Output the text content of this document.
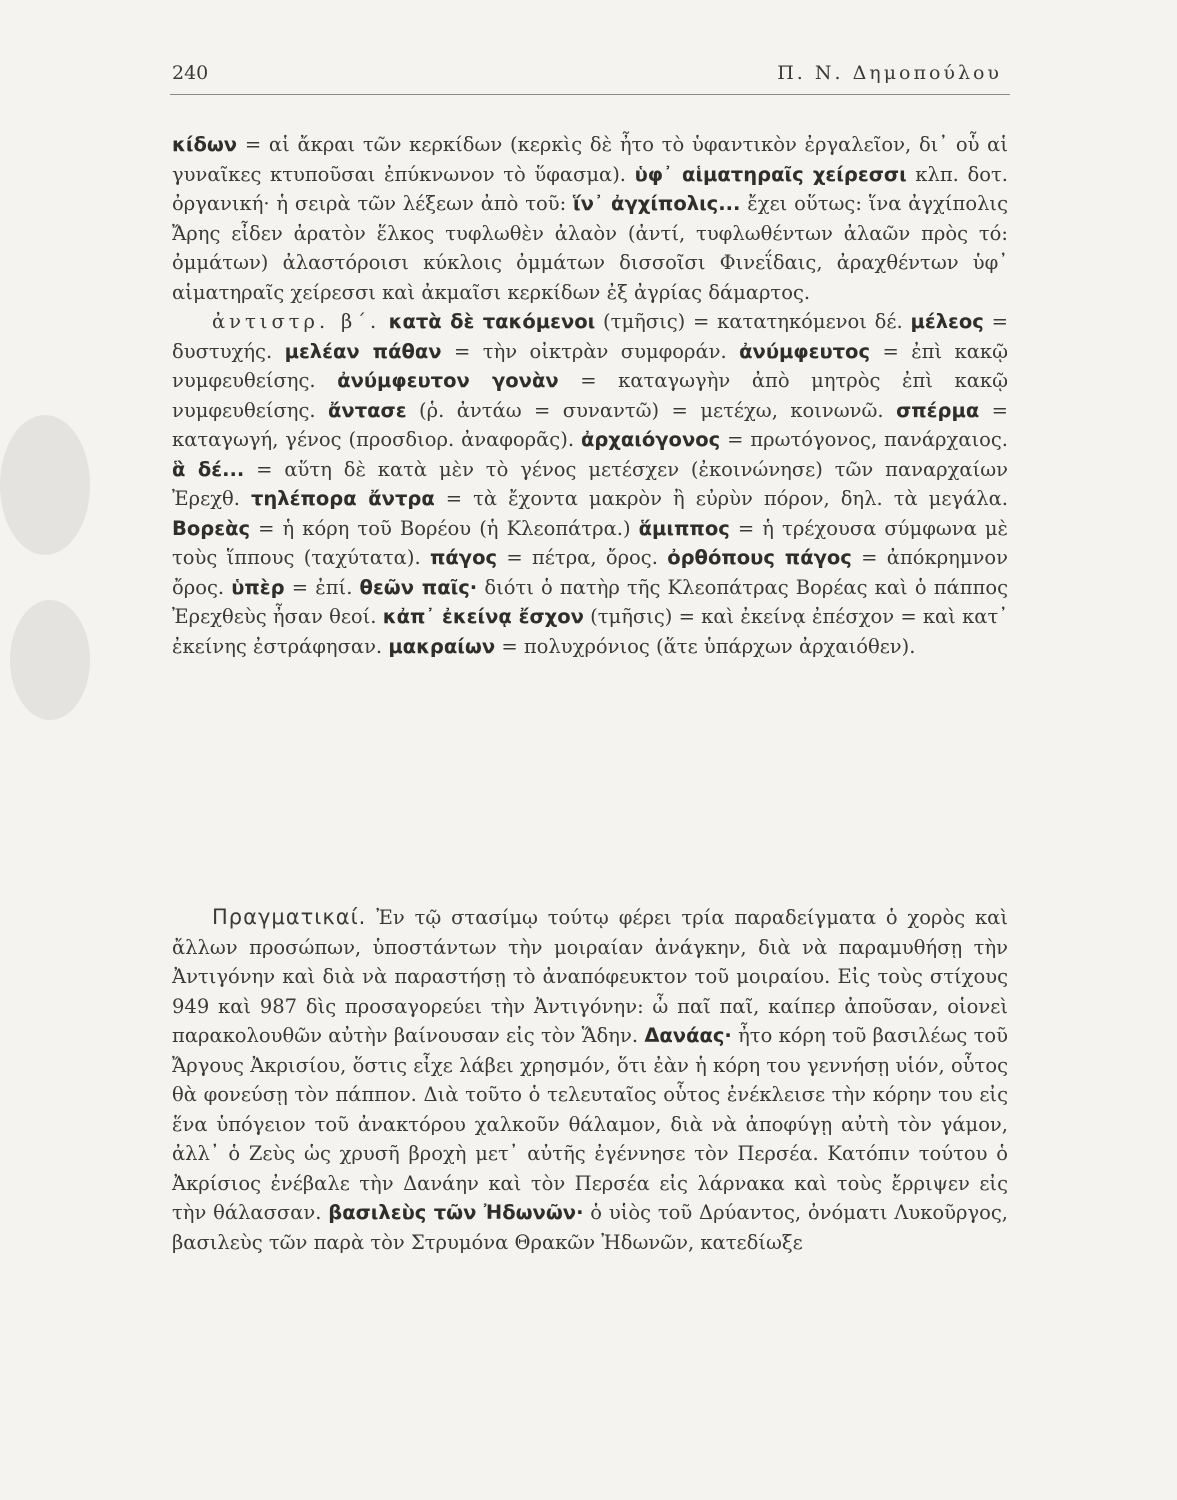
240	Π. Ν. Δημοπούλου

κίδων = αἱ ἄκραι τῶν κερκίδων (κερκὶς δὲ ἦτο τὸ ὑφαντικὸν ἐργαλεῖον, δι᾽ οὗ αἱ γυναῖκες κτυποῦσαι ἐπύκνωνον τὸ ὕφασμα). ὑφ᾽ αἱματηραῖς χείρεσσι κλπ. δοτ. ὀργανική· ἡ σειρὰ τῶν λέξεων ἀπὸ τοῦ: ἵν᾽ ἀγχίπολις... ἔχει οὕτως: ἵνα ἀγχίπολις Ἄρης εἶδεν ἀρατὸν ἕλκος τυφλωθὲν ἀλαὸν (ἀντί, τυφλωθέντων ἀλαῶν πρὸς τό: ὀμμάτων) ἀλαστόροισι κύκλοις ὀμμάτων δισσοῖσι Φινεΐδαις, ἀραχθέντων ὑφ᾽ αἱματηραῖς χείρεσσι καὶ ἀκμαῖσι κερκίδων ἐξ ἀγρίας δάμαρτος.

ἀντιστρ. β΄. κατὰ δὲ τακόμενοι (τμῆσις) = κατατηκόμενοι δέ. μέλεος = δυστυχής. μελέαν πάθαν = τὴν οἰκτρὰν συμφοράν. ἀνύμφευτος = ἐπὶ κακῷ νυμφευθείσης. ἀνύμφευτον γονὰν = καταγωγὴν ἀπὸ μητρὸς ἐπὶ κακῷ νυμφευθείσης. ἄντασε (ῥ. ἀντάω = συναντῶ) = μετέχω, κοινωνῶ. σπέρμα = καταγωγή, γένος (προσδιορ. ἀναφορᾶς). ἀρχαιόγονος = πρωτόγονος, πανάρχαιος. ἃ δέ... = αὕτη δὲ κατὰ μὲν τὸ γένος μετέσχεν (ἐκοινώνησε) τῶν παναρχαίων Ἐρεχθ. τηλέπορα ἄντρα = τὰ ἔχοντα μακρὸν ἢ εὐρὺν πόρον, δηλ. τὰ μεγάλα. Βορεὰς = ἡ κόρη τοῦ Βορέου (ἡ Κλεοπάτρα.) ἅμιππος = ἡ τρέχουσα σύμφωνα μὲ τοὺς ἵππους (ταχύτατα). πάγος = πέτρα, ὄρος. ὀρθόπους πάγος = ἀπόκρημνον ὄρος. ὑπὲρ = ἐπί. θεῶν παῖς· διότι ὁ πατὴρ τῆς Κλεοπάτρας Βορέας καὶ ὁ πάππος Ἐρεχθεὺς ἦσαν θεοί. κἀπ᾽ ἐκείνᾳ ἔσχον (τμῆσις) = καὶ ἐκείνᾳ ἐπέσχον = καὶ κατ᾽ ἐκείνης ἐστράφησαν. μακραίων = πολυχρόνιος (ἅτε ὑπάρχων ἀρχαιόθεν).

Πραγματικαί. Ἐν τῷ στασίμῳ τούτῳ φέρει τρία παραδείγματα ὁ χορὸς καὶ ἄλλων προσώπων, ὑποστάντων τὴν μοιραίαν ἀνάγκην, διὰ νὰ παραμυθήσῃ τὴν Ἀντιγόνην καὶ διὰ νὰ παραστήσῃ τὸ ἀναπόφευκτον τοῦ μοιραίου. Εἰς τοὺς στίχους 949 καὶ 987 δὶς προσαγορεύει τὴν Ἀντιγόνην: ὦ παῖ παῖ, καίπερ ἀποῦσαν, οἱονεὶ παρακολουθῶν αὐτὴν βαίνουσαν εἰς τὸν Ἅδην. Δανάας· ἦτο κόρη τοῦ βασιλέως τοῦ Ἄργους Ἀκρισίου, ὅστις εἶχε λάβει χρησμόν, ὅτι ἐὰν ἡ κόρη του γεννήσῃ υἱόν, οὗτος θὰ φονεύσῃ τὸν πάππον. Διὰ τοῦτο ὁ τελευταῖος οὗτος ἐνέκλεισε τὴν κόρην του εἰς ἕνα ὑπόγειον τοῦ ἀνακτόρου χαλκοῦν θάλαμον, διὰ νὰ ἀποφύγῃ αὐτὴ τὸν γάμον, ἀλλ᾽ ὁ Ζεὺς ὡς χρυσῆ βροχὴ μετ᾽ αὐτῆς ἐγέννησε τὸν Περσέα. Κατόπιν τούτου ὁ Ἀκρίσιος ἐνέβαλε τὴν Δανάην καὶ τὸν Περσέα εἰς λάρνακα καὶ τοὺς ἔρριψεν εἰς τὴν θάλασσαν. βασιλεὺς τῶν Ἠδωνῶν· ὁ υἱὸς τοῦ Δρύαντος, ὀνόματι Λυκοῦργος, βασιλεὺς τῶν παρὰ τὸν Στρυμόνα Θρακῶν Ἠδωνῶν, κατεδίωξε
